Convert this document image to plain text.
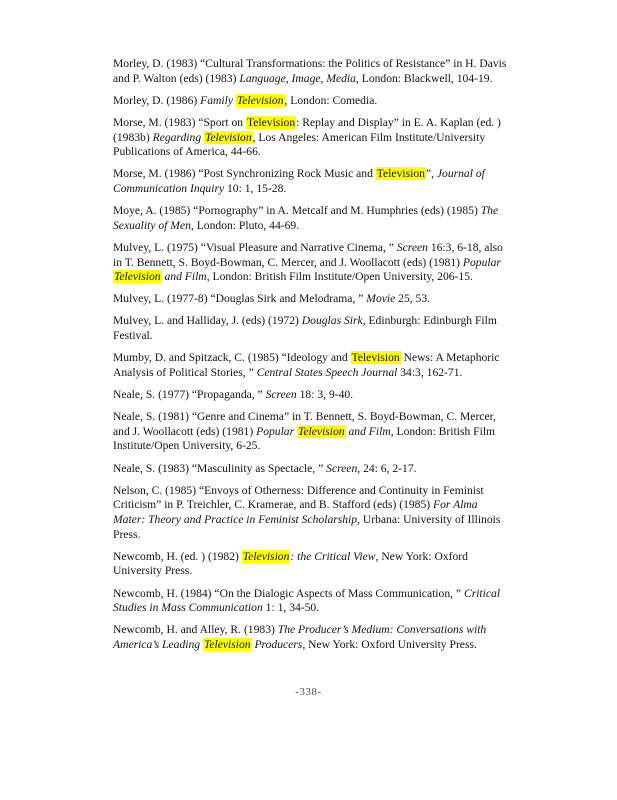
Morley, D. (1983) “Cultural Transformations: the Politics of Resistance” in H. Davis
and P. Walton (eds) (1983) Language, Image, Media, London: Blackwell, 104-19.

Morley, D. (1986) Family Television, London: Comedia.

Morse, M. (1983) “Sport on Television: Replay and Display” in E. A. Kaplan (ed. )
(1983b) Regarding Television, Los Angeles: American Film Institute/University
Publications of America, 44-66.

Morse, M. (1986) “Post Synchronizing Rock Music and Television”, Journal of
Communication Inquiry 10: 1, 15-28.

Moye, A. (1985) “Pornography” in A. Metcalf and M. Humphries (eds) (1985) The
Sexuality of Men, London: Pluto, 44-69.

Mulvey, L. (1975) “Visual Pleasure and Narrative Cinema, ” Screen 16:3, 6-18, also
in T. Bennett, S. Boyd-Bowman, C. Mercer, and J. Woollacott (eds) (1981) Popular
Television and Film, London: British Film Institute/Open University, 206-15.

Mulvey, L. (1977-8) “Douglas Sirk and Melodrama, ” Movie 25, 53.

Mulvey, L. and Halliday, J. (eds) (1972) Douglas Sirk, Edinburgh: Edinburgh Film
Festival.

Mumby, D. and Spitzack, C. (1985) “Ideology and Television News: A Metaphoric
Analysis of Political Stories, ” Central States Speech Journal 34:3, 162-71.

Neale, S. (1977) “Propaganda, ” Screen 18: 3, 9-40.

Neale, S. (1981) “Genre and Cinema” in T. Bennett, S. Boyd-Bowman, C. Mercer,
and J. Woollacott (eds) (1981) Popular Television and Film, London: British Film
Institute/Open University, 6-25.

Neale, S. (1983) “Masculinity as Spectacle, ” Screen, 24: 6, 2-17.

Nelson, C. (1985) “Envoys of Otherness: Difference and Continuity in Feminist
Criticism” in P. Treichler, C. Kramerae, and B. Stafford (eds) (1985) For Alma
Mater: Theory and Practice in Feminist Scholarship, Urbana: University of Illinois
Press.

Newcomb, H. (ed. ) (1982) Television: the Critical View, New York: Oxford
University Press.

Newcomb, H. (1984) “On the Dialogic Aspects of Mass Communication, ” Critical
Studies in Mass Communication 1: 1, 34-50.

Newcomb, H. and Alley, R. (1983) The Producer’s Medium: Conversations with
America’s Leading Television Producers, New York: Oxford University Press.

-338-
